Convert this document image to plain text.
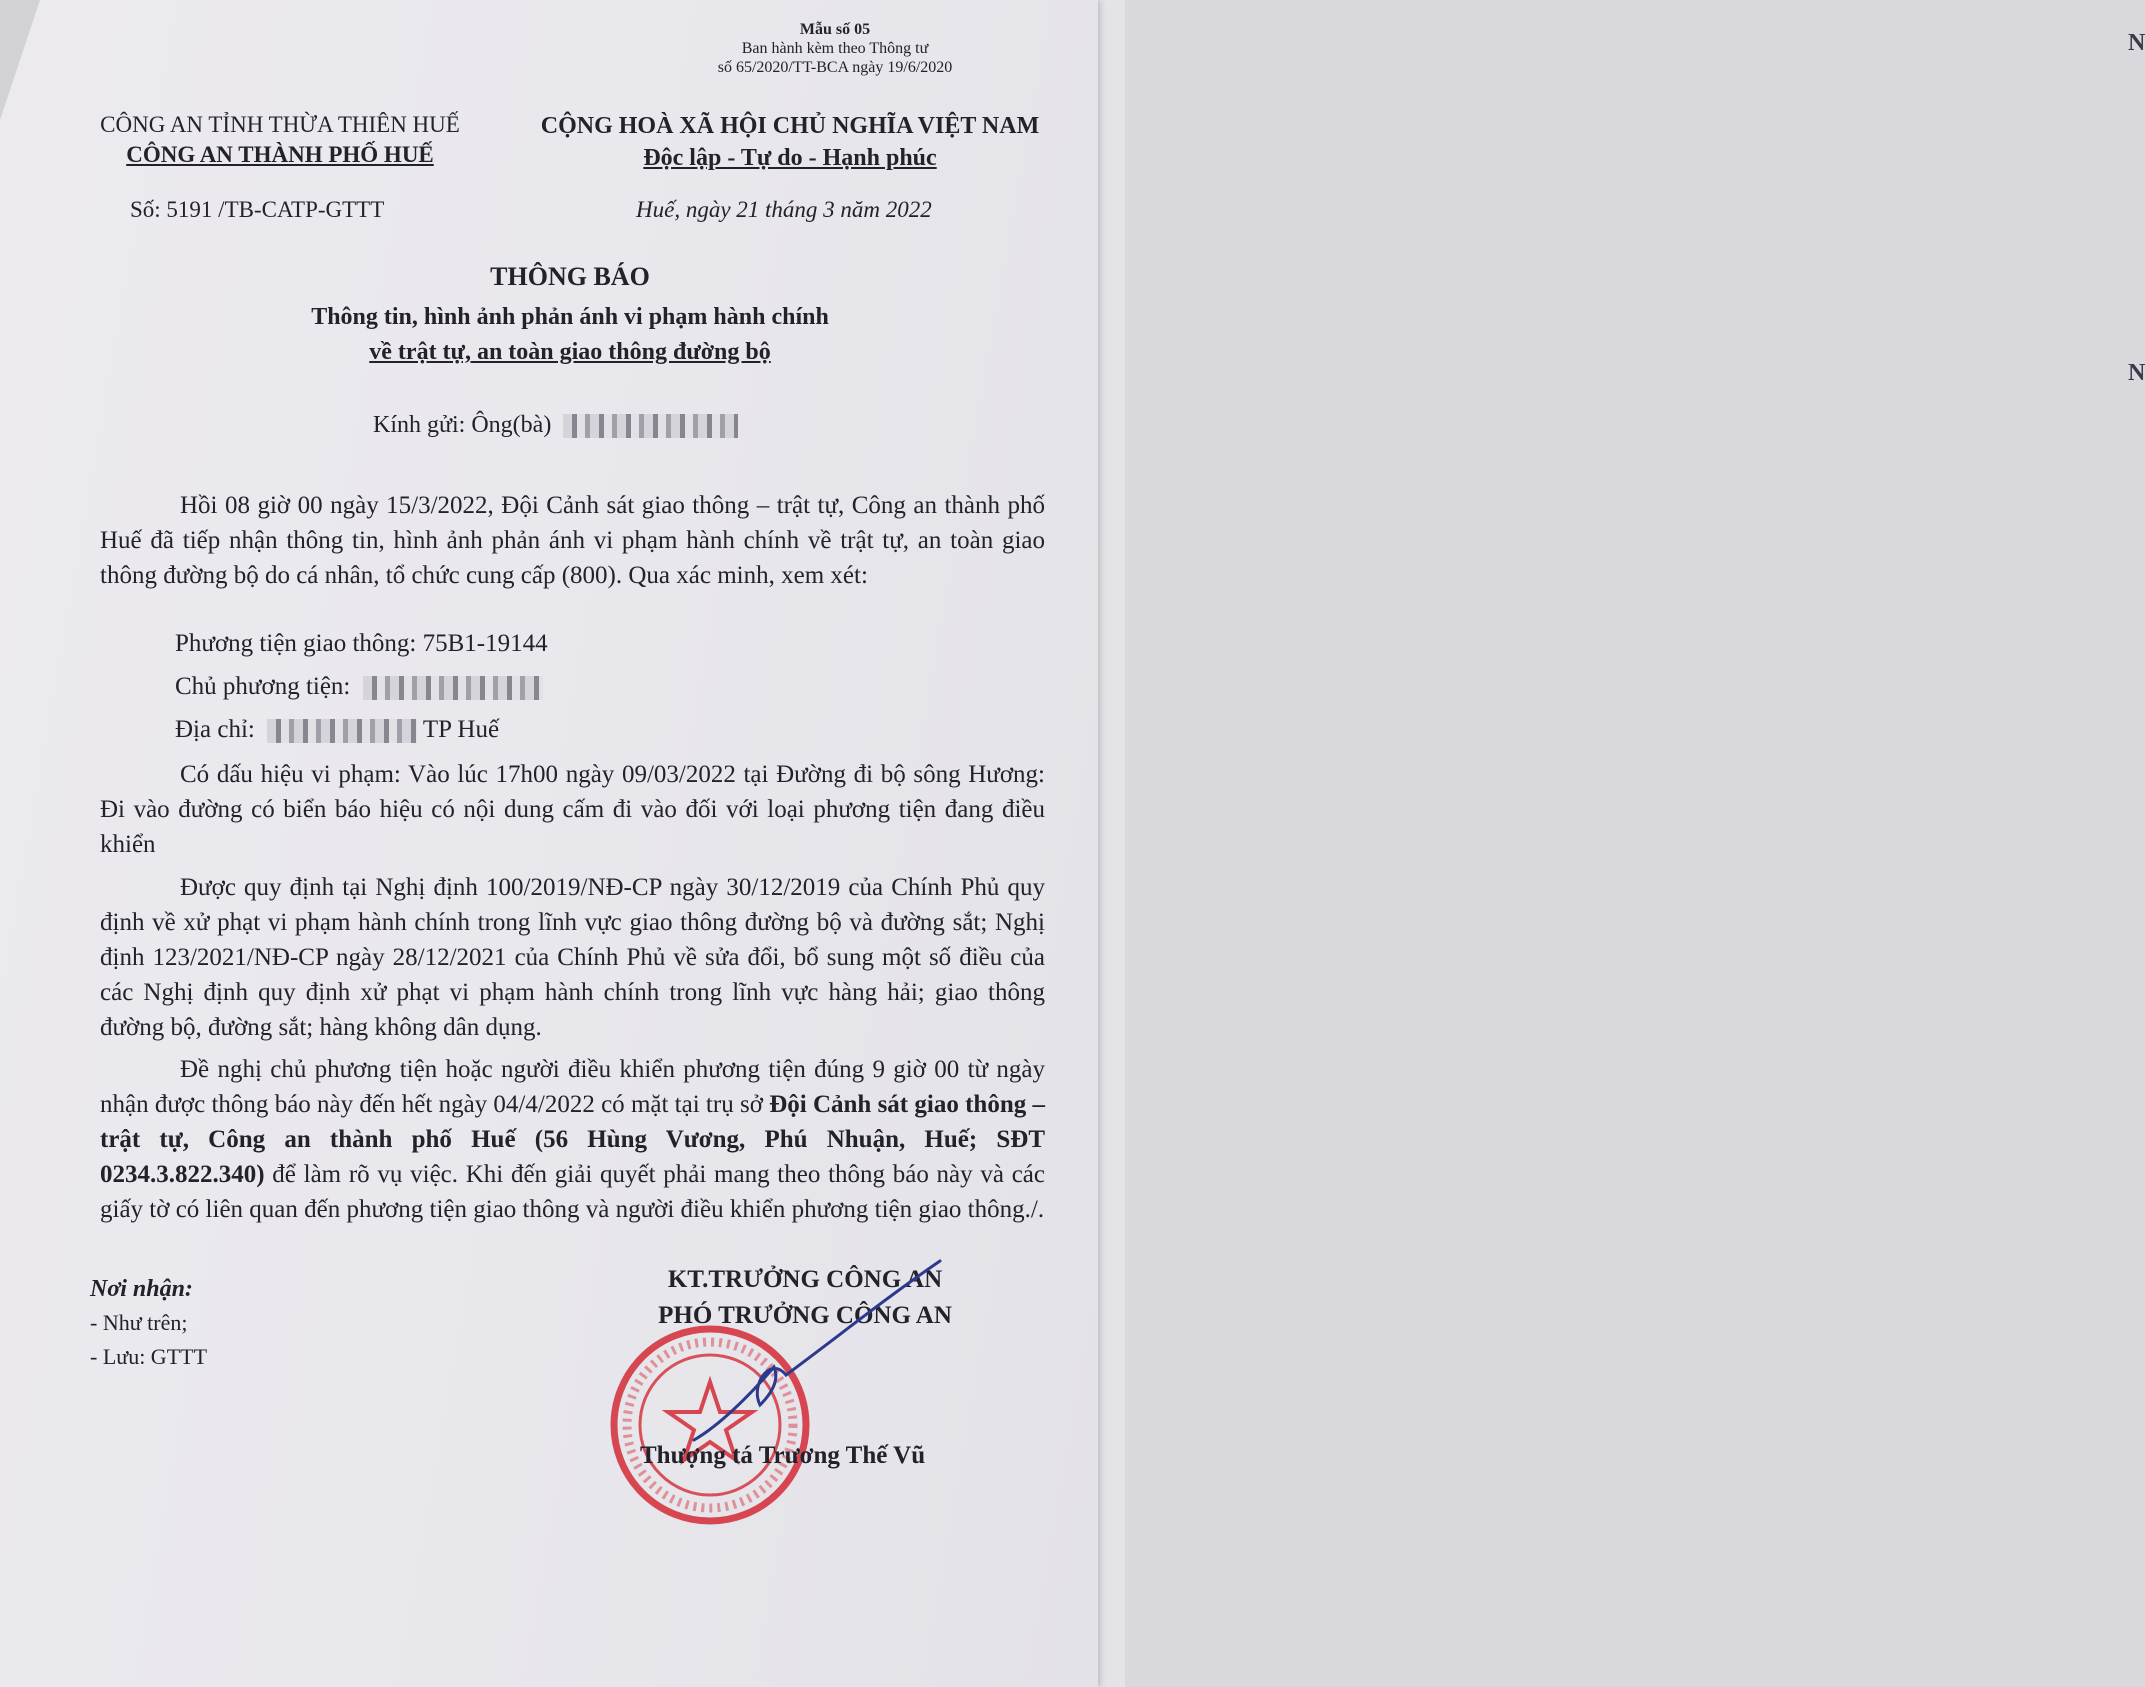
N
N
Mẫu số 05
Ban hành kèm theo Thông tư
số 65/2020/TT-BCA ngày 19/6/2020
CÔNG AN TỈNH THỪA THIÊN HUẾ
CÔNG AN THÀNH PHỐ HUẾ
CỘNG HOÀ XÃ HỘI CHỦ NGHĨA VIỆT NAM
Độc lập - Tự do - Hạnh phúc
Số: 5191 /TB-CATP-GTTT	Huế, ngày 21 tháng 3 năm 2022
THÔNG BÁO
Thông tin, hình ảnh phản ánh vi phạm hành chính
về trật tự, an toàn giao thông đường bộ
Kính gửi: Ông(bà)

Hồi 08 giờ 00 ngày 15/3/2022, Đội Cảnh sát giao thông – trật tự, Công an thành phố Huế đã tiếp nhận thông tin, hình ảnh phản ánh vi phạm hành chính về trật tự, an toàn giao thông đường bộ do cá nhân, tổ chức cung cấp (800). Qua xác minh, xem xét:

Phương tiện giao thông: 75B1-19144
Chủ phương tiện:
Địa chỉ:	TP Huế

Có dấu hiệu vi phạm: Vào lúc 17h00 ngày 09/03/2022 tại Đường đi bộ sông Hương: Đi vào đường có biển báo hiệu có nội dung cấm đi vào đối với loại phương tiện đang điều khiển

Được quy định tại Nghị định 100/2019/NĐ-CP ngày 30/12/2019 của Chính Phủ quy định về xử phạt vi phạm hành chính trong lĩnh vực giao thông đường bộ và đường sắt; Nghị định 123/2021/NĐ-CP ngày 28/12/2021 của Chính Phủ về sửa đổi, bổ sung một số điều của các Nghị định quy định xử phạt vi phạm hành chính trong lĩnh vực hàng hải; giao thông đường bộ, đường sắt; hàng không dân dụng.

Đề nghị chủ phương tiện hoặc người điều khiển phương tiện đúng 9 giờ 00 từ ngày nhận được thông báo này đến hết ngày 04/4/2022 có mặt tại trụ sở Đội Cảnh sát giao thông – trật tự, Công an thành phố Huế (56 Hùng Vương, Phú Nhuận, Huế; SĐT 0234.3.822.340) để làm rõ vụ việc. Khi đến giải quyết phải mang theo thông báo này và các giấy tờ có liên quan đến phương tiện giao thông và người điều khiển phương tiện giao thông./.

Nơi nhận:
- Như trên;
- Lưu: GTTT
KT.TRƯỞNG CÔNG AN
PHÓ TRƯỞNG CÔNG AN
Thượng tá Trương Thế Vũ
